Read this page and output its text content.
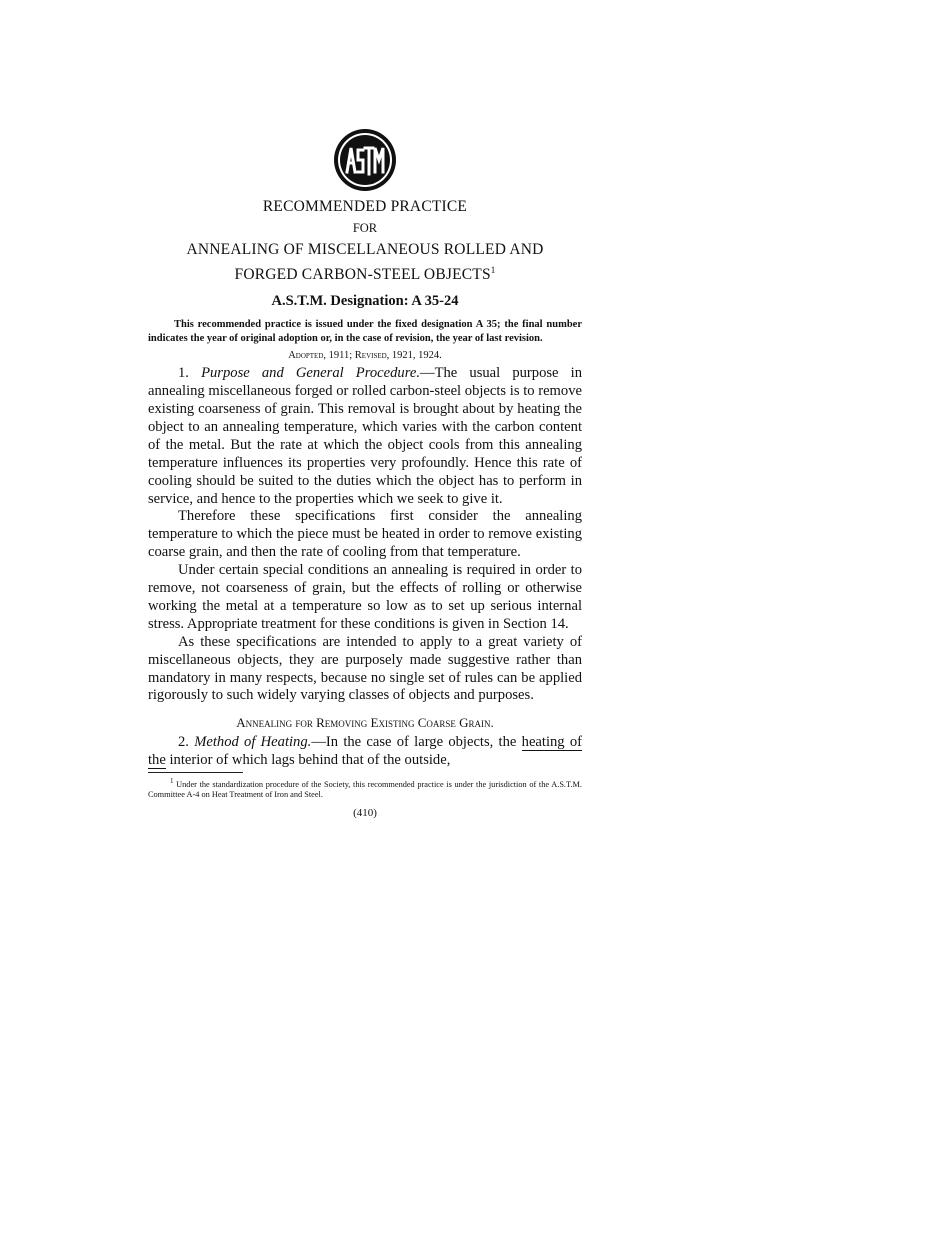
RECOMMENDED PRACTICE
FOR
ANNEALING OF MISCELLANEOUS ROLLED AND
FORGED CARBON-STEEL OBJECTS$^1$
A.S.T.M. Designation: A 35-24
This recommended practice is issued under the fixed designation A 35; the final number indicates the year of original adoption or, in the case of revision, the year of last revision.
Adopted, 1911; Revised, 1921, 1924.

1. Purpose and General Procedure.—The usual purpose in annealing miscellaneous forged or rolled carbon-steel objects is to remove existing coarseness of grain. This removal is brought about by heating the object to an annealing temperature, which varies with the carbon content of the metal. But the rate at which the object cools from this annealing temperature influences its properties very profoundly. Hence this rate of cooling should be suited to the duties which the object has to perform in service, and hence to the properties which we seek to give it.

Therefore these specifications first consider the annealing temperature to which the piece must be heated in order to remove existing coarse grain, and then the rate of cooling from that temperature.

Under certain special conditions an annealing is required in order to remove, not coarseness of grain, but the effects of rolling or otherwise working the metal at a temperature so low as to set up serious internal stress. Appropriate treatment for these conditions is given in Section 14.

As these specifications are intended to apply to a great variety of miscellaneous objects, they are purposely made suggestive rather than mandatory in many respects, because no single set of rules can be applied rigorously to such widely varying classes of objects and purposes.

Annealing for Removing Existing Coarse Grain.

2. Method of Heating.—In the case of large objects, the heating of the interior of which lags behind that of the outside,

$^1$ Under the standardization procedure of the Society, this recommended practice is under the jurisdiction of the A.S.T.M. Committee A-4 on Heat Treatment of Iron and Steel.
(410)
